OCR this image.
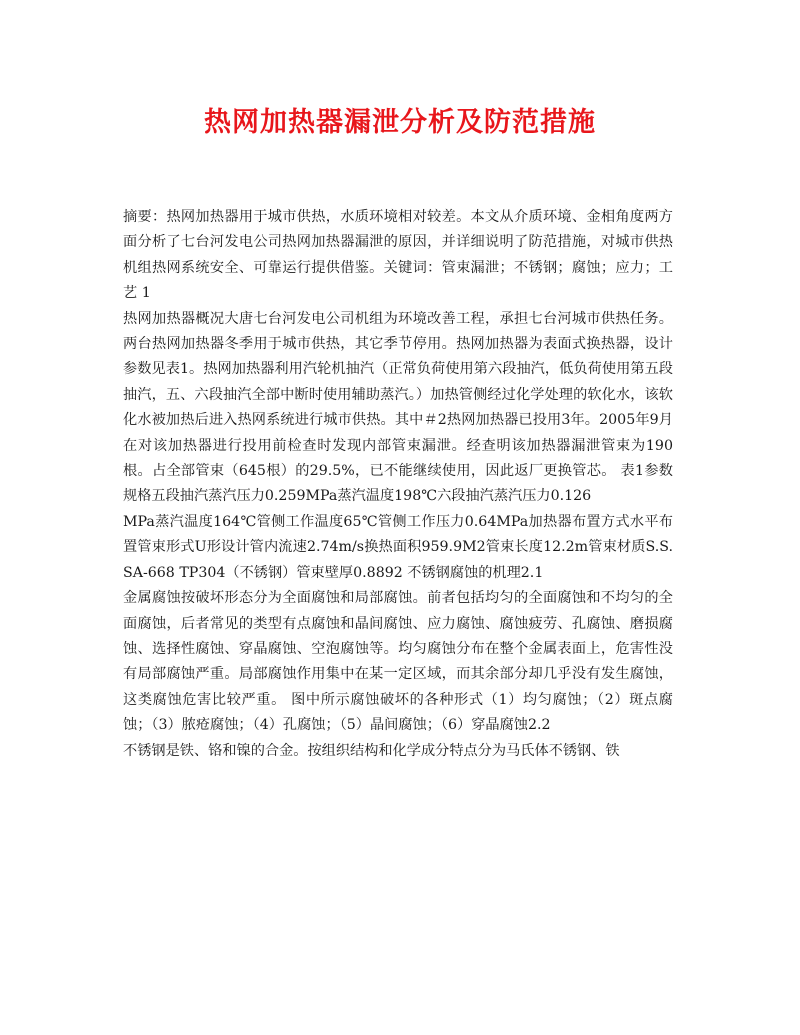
热网加热器漏泄分析及防范措施

摘要：热网加热器用于城市供热，水质环境相对较差。本文从介质环境、金相角度两方面分析了七台河发电公司热网加热器漏泄的原因，并详细说明了防范措施，对城市供热机组热网系统安全、可靠运行提供借鉴。关键词：管束漏泄；不锈钢；腐蚀；应力；工艺 1

热网加热器概况大唐七台河发电公司机组为环境改善工程，承担七台河城市供热任务。两台热网加热器冬季用于城市供热，其它季节停用。热网加热器为表面式换热器，设计参数见表1。热网加热器利用汽轮机抽汽（正常负荷使用第六段抽汽，低负荷使用第五段抽汽，五、六段抽汽全部中断时使用辅助蒸汽。）加热管侧经过化学处理的软化水，该软化水被加热后进入热网系统进行城市供热。其中＃2热网加热器已投用3年。2005年9月在对该加热器进行投用前检查时发现内部管束漏泄。经查明该加热器漏泄管束为190根。占全部管束（645根）的29.5%，已不能继续使用，因此返厂更换管芯。 表1参数规格五段抽汽蒸汽压力0.259MPa蒸汽温度198℃六段抽汽蒸汽压力0.126

MPa蒸汽温度164℃管侧工作温度65℃管侧工作压力0.64MPa加热器布置方式水平布置管束形式U形设计管内流速2.74m/s换热面积959.9M2管束长度12.2m管束材质S.S.SA-668 TP304（不锈钢）管束壁厚0.8892 不锈钢腐蚀的机理2.1

金属腐蚀按破坏形态分为全面腐蚀和局部腐蚀。前者包括均匀的全面腐蚀和不均匀的全面腐蚀，后者常见的类型有点腐蚀和晶间腐蚀、应力腐蚀、腐蚀疲劳、孔腐蚀、磨损腐蚀、选择性腐蚀、穿晶腐蚀、空泡腐蚀等。均匀腐蚀分布在整个金属表面上，危害性没有局部腐蚀严重。局部腐蚀作用集中在某一定区域，而其余部分却几乎没有发生腐蚀，这类腐蚀危害比较严重。 图中所示腐蚀破坏的各种形式（1）均匀腐蚀；（2）斑点腐蚀；（3）脓疮腐蚀；（4）孔腐蚀；（5）晶间腐蚀；（6）穿晶腐蚀2.2

不锈钢是铁、铬和镍的合金。按组织结构和化学成分特点分为马氏体不锈钢、铁
